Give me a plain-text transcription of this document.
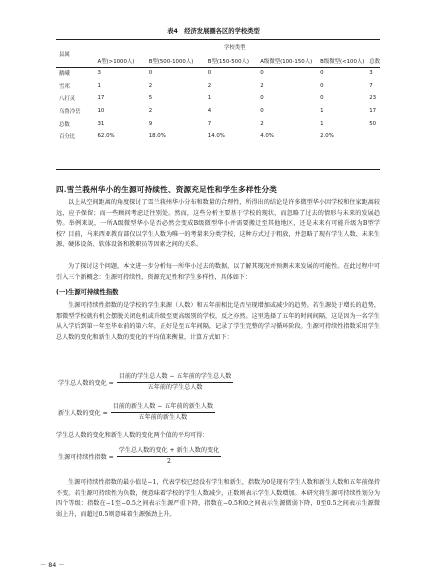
表4　经济发展圈各区的学校类型
县属	学校类型					
	A型(>1000人)	B型(500-1000人)	B型(150-500人)	A级微型(100-150人)	B级微型(<100人)	总数
鹅峨	3	0	0	0	0	3
雪邦	1	2	2	2	0	7
八打灵	17	5	1	0	0	23
乌鲁冷岳	10	2	4	0	1	17
总数	31	9	7	2	1	50
百分比	62.0%	18.0%	14.0%	4.0%	2.0%	
四.雪兰莪州华小的生源可持续性、资源充足性和学生多样性分类
以上从空间距离的角度探讨了雪兰莪州华小分布和数量的合理性，所得出的结论是许多微型华小因学校和住家距离较远，应予保留；而一些顾问考虑迁往别处。然而，这些分析主要基于学校的现状，而忽略了过去的情形与未来的发展趋势。举例来说，一所A级微型华小是否必然会变成B级微型华小并需要搬迁至其他地区，还是未来有可能升级为B型学校？目前，马来西亚教育部仅以学生人数为唯一的考量来分类学校，这种方式过于粗放，并忽略了现有学生人数、未来生源、硬体设备、软体设备和教职员等因素之间的关系。
为了探讨这个问题，本文进一步分析每一所华小过去的数据，以了解其现况并预测未来发展的可能性。在此过程中可引入三个新概念：生源可持续性、资源充足性和学生多样性，具体如下：
(一)生源可持续性指数
生源可持续性指数的是学校的学生来源（人数）和五年前相比是否呈现增加或减少的趋势。若生源处于增长的趋势，那微型学校就有机会摆脱关闭危机或升级至更高级别的学校，反之亦然。这里选择了五年的时间间隔，这是因为一名学生从入学后到第一年至毕业前的第六年，正好是至五年间隔，记录了学生完整的学习循环阶段。生源可持续性指数采用学生总人数的变化和新生人数的变化的平均值来衡量，计算方式如下：
学生总人数的变化 = $\frac{\text{目前的学生总人数 − 五年前的学生总人数}}{\text{五年前的学生总人数}}$
新生人数的变化 = $\frac{\text{目前的新生人数 − 五年前的新生人数}}{\text{五年前的新生人数}}$
学生总人数的变化和新生人数的变化两个值的平均可得：
生源可持续性指数 = $\frac{\text{学生总人数的变化 + 新生人数的变化}}{2}$
生源可持续性指数的最小值是−1，代表学校已经没有学生和新生，指数为0是现有学生人数和新生人数和五年前保持不变。若生源可持续性为负数，便意味着学校的学生人数减少，正数则表示学生人数增加。本研究将生源可持续性划分为四个等级：指数在−1至−0.5之间表示生源严重下降，指数在−0.5和0之间表示生源微弱下降，0至0.5之间表示生源微弱上升，而超过0.5则意味着生源强劲上升。
－ 84 －
